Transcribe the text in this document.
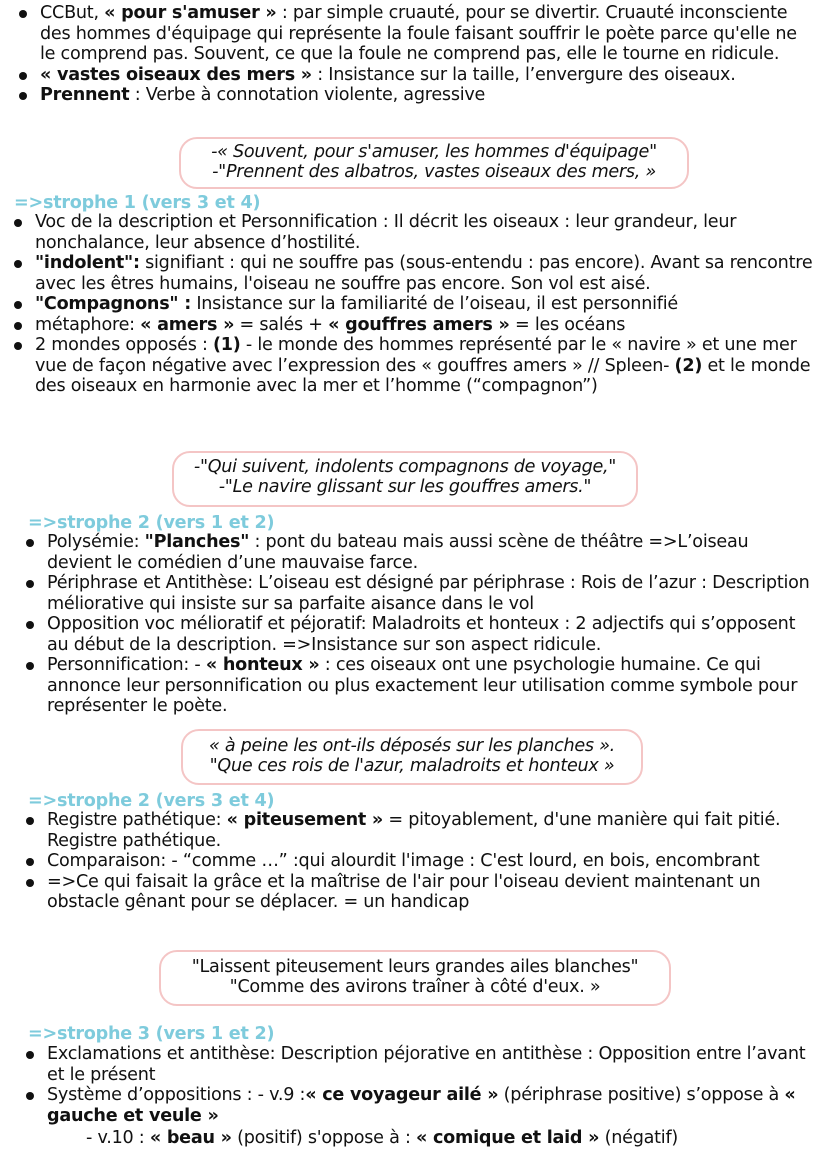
CCBut, « pour s'amuser » : par simple cruauté, pour se divertir. Cruauté inconsciente des hommes d'équipage qui représente la foule faisant souffrir le poète parce qu'elle ne le comprend pas. Souvent, ce que la foule ne comprend pas, elle le tourne en ridicule.
« vastes oiseaux des mers » : Insistance sur la taille, l’envergure des oiseaux.
Prennent : Verbe à connotation violente, agressive
-« Souvent, pour s'amuser, les hommes d'équipage"
-"Prennent des albatros, vastes oiseaux des mers, »
=>strophe 1 (vers 3 et 4)
Voc de la description et Personnification : Il décrit les oiseaux : leur grandeur, leur nonchalance, leur absence d’hostilité.
"indolent": signifiant : qui ne souffre pas (sous-entendu : pas encore). Avant sa rencontre avec les êtres humains, l'oiseau ne souffre pas encore. Son vol est aisé.
"Compagnons" : Insistance sur la familiarité de l’oiseau, il est personnifié
métaphore: « amers » = salés + « gouffres amers » = les océans
2 mondes opposés : (1) - le monde des hommes représenté par le « navire » et une mer vue de façon négative avec l’expression des « gouffres amers » // Spleen- (2) et le monde des oiseaux en harmonie avec la mer et l’homme (“compagnon”)
-"Qui suivent, indolents compagnons de voyage,"
-"Le navire glissant sur les gouffres amers."
=>strophe 2 (vers 1 et 2)
Polysémie: "Planches" : pont du bateau mais aussi scène de théâtre =>L’oiseau devient le comédien d’une mauvaise farce.
Périphrase et Antithèse: L’oiseau est désigné par périphrase : Rois de l’azur : Description méliorative qui insiste sur sa parfaite aisance dans le vol
Opposition voc mélioratif et péjoratif: Maladroits et honteux : 2 adjectifs qui s’opposent au début de la description. =>Insistance sur son aspect ridicule.
Personnification: - « honteux » : ces oiseaux ont une psychologie humaine. Ce qui annonce leur personnification ou plus exactement leur utilisation comme symbole pour représenter le poète.
« à peine les ont-ils déposés sur les planches ».
"Que ces rois de l'azur, maladroits et honteux »
=>strophe 2 (vers 3 et 4)
Registre pathétique: « piteusement » = pitoyablement, d'une manière qui fait pitié. Registre pathétique.
Comparaison: - “comme …” :qui alourdit l'image : C'est lourd, en bois, encombrant
=>Ce qui faisait la grâce et la maîtrise de l'air pour l'oiseau devient maintenant un obstacle gênant pour se déplacer. = un handicap
"Laissent piteusement leurs grandes ailes blanches"
"Comme des avirons traîner à côté d'eux. »
=>strophe 3 (vers 1 et 2)
Exclamations et antithèse: Description péjorative en antithèse : Opposition entre l’avant et le présent
Système d’oppositions : - v.9 :« ce voyageur ailé » (périphrase positive) s’oppose à « gauche et veule »
- v.10 : « beau » (positif) s'oppose à : « comique et laid » (négatif)
